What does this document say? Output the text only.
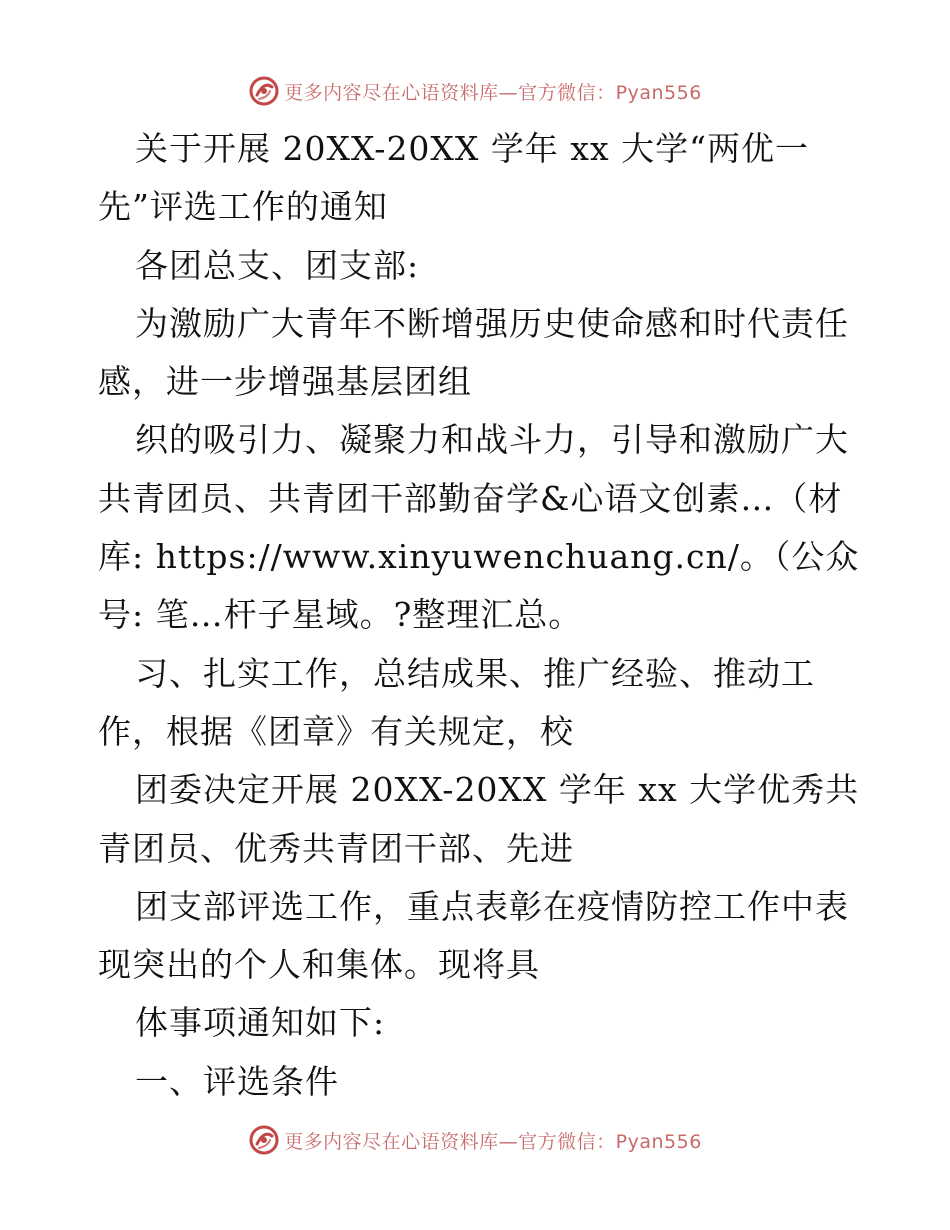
更多内容尽在心语资料库—官方微信：Pyan556
关于开展 20XX-20XX 学年 xx 大学“两优一
先”评选工作的通知
各团总支、团支部:
为激励广大青年不断增强历史使命感和时代责任
感，进一步增强基层团组
织的吸引力、凝聚力和战斗力，引导和激励广大
共青团员、共青团干部勤奋学&心语文创素…（材
库: https://www.xinyuwenchuang.cn/。（公众
号: 笔…杆子星域。?整理汇总。
习、扎实工作，总结成果、推广经验、推动工
作，根据《团章》有关规定，校
团委决定开展 20XX-20XX 学年 xx 大学优秀共
青团员、优秀共青团干部、先进
团支部评选工作，重点表彰在疫情防控工作中表
现突出的个人和集体。现将具
体事项通知如下:
一、评选条件
更多内容尽在心语资料库—官方微信：Pyan556
